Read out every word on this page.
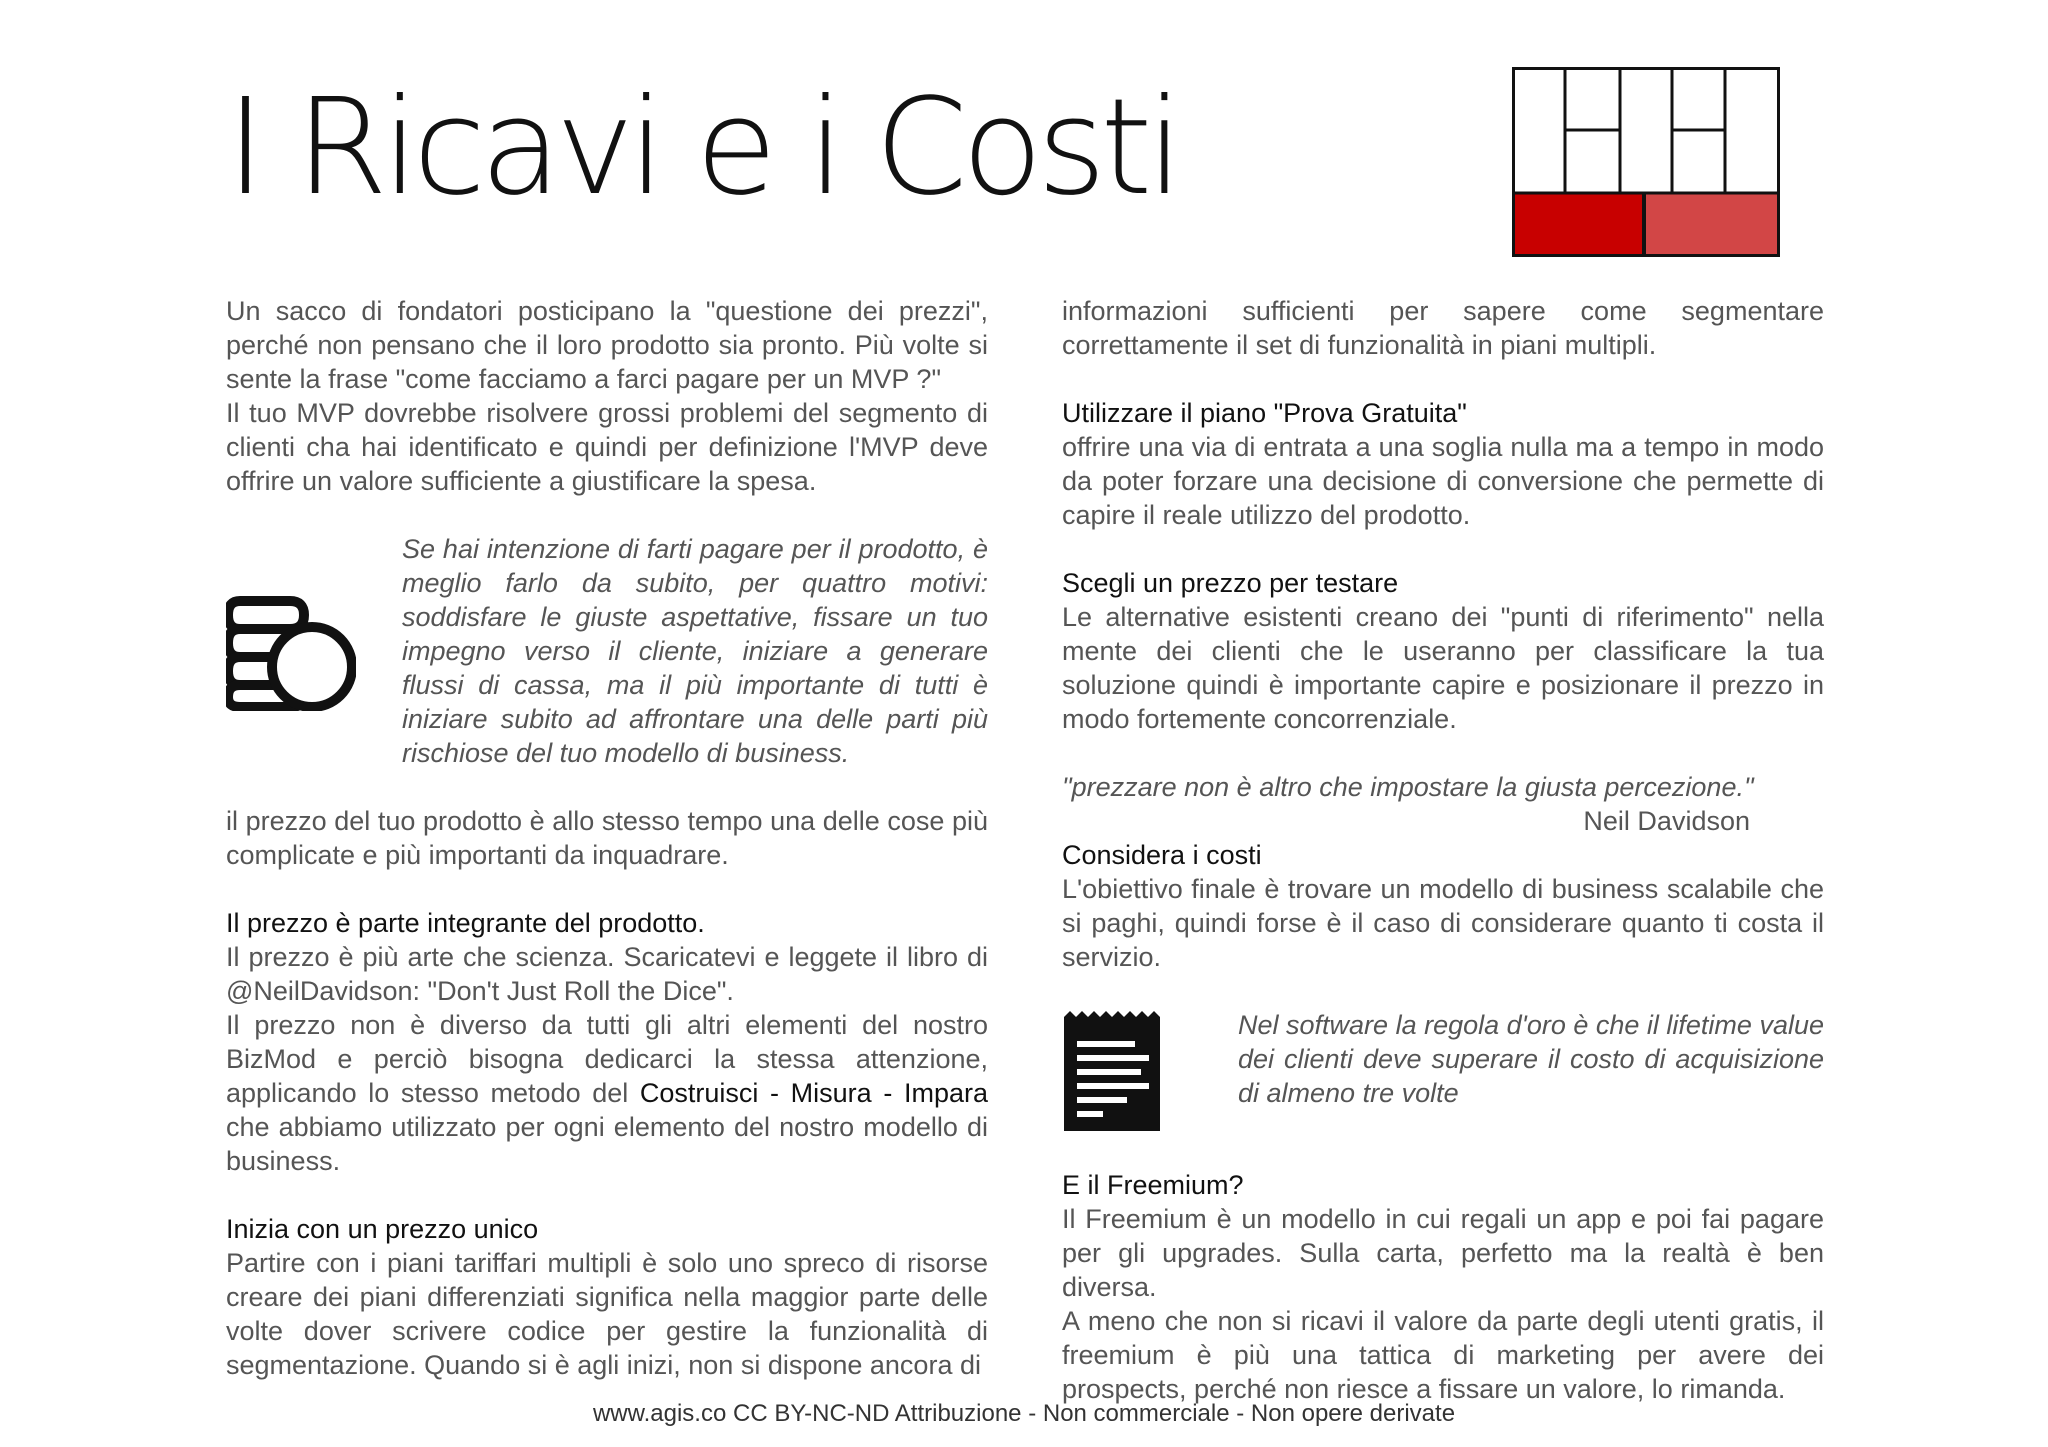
I Ricavi e i Costi

Un sacco di fondatori posticipano la "questione dei prezzi", perché non pensano che il loro prodotto sia pronto. Più volte si sente la frase "come facciamo a farci pagare per un MVP ?"

Il tuo MVP dovrebbe risolvere grossi problemi del segmento di clienti cha hai identificato e quindi per definizione l'MVP deve offrire un valore sufficiente a giustificare la spesa.

Se hai intenzione di farti pagare per il prodotto, è meglio farlo da subito, per quattro motivi: soddisfare le giuste aspettative, fissare un tuo impegno verso il cliente, iniziare a generare flussi di cassa, ma il più importante di tutti è iniziare subito ad affrontare una delle parti più rischiose del tuo modello di business.

il prezzo del tuo prodotto è allo stesso tempo una delle cose più complicate e più importanti da inquadrare.

Il prezzo è parte integrante del prodotto.

Il prezzo è più arte che scienza. Scaricatevi e leggete il libro di @NeilDavidson: "Don't Just Roll the Dice".

Il prezzo non è diverso da tutti gli altri elementi del nostro BizMod e perciò bisogna dedicarci la stessa attenzione, applicando lo stesso metodo del Costruisci - Misura - Impara che abbiamo utilizzato per ogni elemento del nostro modello di business.

Inizia con un prezzo unico

Partire con i piani tariffari multipli è solo uno spreco di risorse creare dei piani differenziati significa nella maggior parte delle volte dover scrivere codice per gestire la funzionalità di segmentazione. Quando si è agli inizi, non si dispone ancora di

informazioni sufficienti per sapere come segmentare correttamente il set di funzionalità in piani multipli.

Utilizzare il piano "Prova Gratuita"

offrire una via di entrata a una soglia nulla ma a tempo in modo da poter forzare una decisione di conversione che permette di capire il reale utilizzo del prodotto.

Scegli un prezzo per testare

Le alternative esistenti creano dei "punti di riferimento" nella mente dei clienti che le useranno per classificare la tua soluzione quindi è importante capire e posizionare il prezzo in modo fortemente concorrenziale.

"prezzare non è altro che impostare la giusta percezione."

Neil Davidson
Considera i costi

L'obiettivo finale è trovare un modello di business scalabile che si paghi, quindi forse è il caso di considerare quanto ti costa il servizio.

Nel software la regola d'oro è che il lifetime value dei clienti deve superare il costo di acquisizione di almeno tre volte

E il Freemium?

Il Freemium è un modello in cui regali un app e poi fai pagare per gli upgrades. Sulla carta, perfetto ma la realtà è ben diversa.

A meno che non si ricavi il valore da parte degli utenti gratis, il freemium è più una tattica di marketing per avere dei prospects, perché non riesce a fissare un valore, lo rimanda.

www.agis.co CC BY-NC-ND Attribuzione - Non commerciale - Non opere derivate
